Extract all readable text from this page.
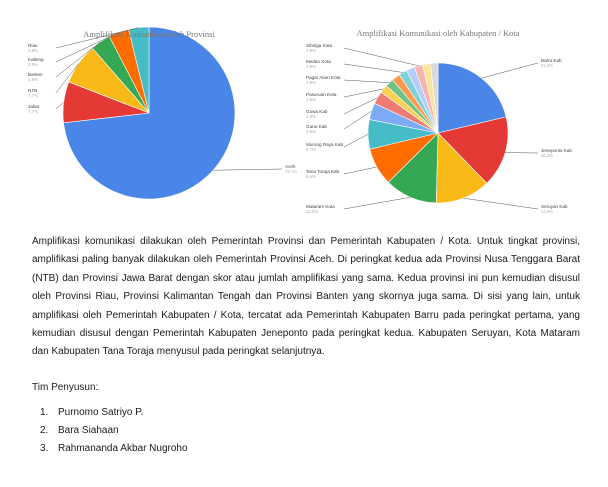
Amplifikasi Komunikasi oleh Provinsi
Aceh
73.1%
Jabar
7.7%
NTB
7.7%
Banten
3.8%
Kalteng
3.8%
Riau
3.8%
Amplifikasi Komunikasi oleh Kabupaten / Kota
Barru Kab
21.0%
Jeneponto Kab
16.2%
Seruyan Kab
12.5%
Mataram Kota
12.0%
Tana Toraja Kab
8.6%
Murung Raya Kab
6.7%
Garut Kab
3.8%
Gowa Kab
2.9%
Pasuruan Kota
1.9%
Pagar Alam Kota
1.9%
Medan Kota
1.9%
Sibolga Kota
1.9%

Amplifikasi komunikasi dilakukan oleh Pemerintah Provinsi dan Pemerintah Kabupaten / Kota. Untuk tingkat provinsi, amplifikasi paling banyak dilakukan oleh Pemerintah Provinsi Aceh. Di peringkat kedua ada Provinsi Nusa Tenggara Barat (NTB) dan Provinsi Jawa Barat dengan skor atau jumlah amplifikasi yang sama. Kedua provinsi ini pun kemudian disusul oleh Provinsi Riau, Provinsi Kalimantan Tengah dan Provinsi Banten yang skornya juga sama. Di sisi yang lain, untuk amplifikasi oleh Pemerintah Kabupaten / Kota, tercatat ada Pemerintah Kabupaten Barru pada peringkat pertama, yang kemudian disusul dengan Pemerintah Kabupaten Jeneponto pada peringkat kedua. Kabupaten Seruyan, Kota Mataram dan Kabupaten Tana Toraja menyusul pada peringkat selanjutnya.

Tim Penyusun:
1. Purnomo Satriyo P.
2. Bara Siahaan
3. Rahmananda Akbar Nugroho
